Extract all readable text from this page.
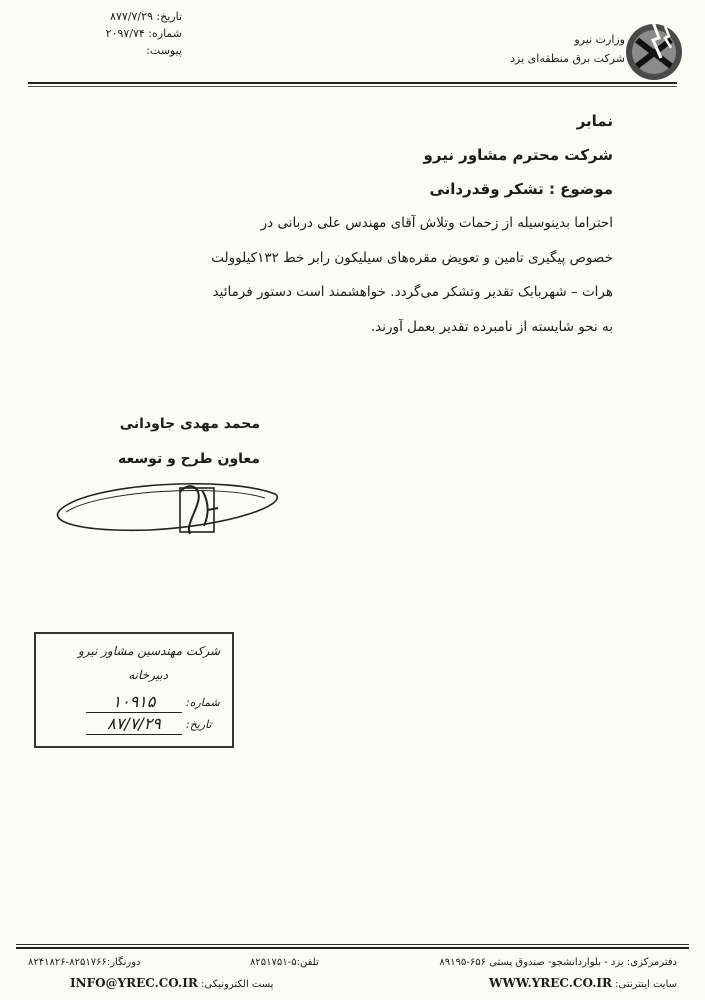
تاریخ: ۸۷۷/۷/۲۹
شماره: ۲۰۹۷/۷۴
پیوست:
وزارت نیرو
شرکت برق منطقه‌ای یزد
نمابر
شرکت محترم مشاور نیرو
موضوع : تشکر وقدردانی

احتراما بدینوسیله از زحمات وتلاش آقای مهندس علی دربانی در

خصوص پیگیری تامین و تعویض مقره‌های سیلیکون رابر خط ۱۳۲کیلوولت

هرات – شهربابک تقدیر وتشکر می‌گردد. خواهشمند است دستور فرمائید

به نحو شایسته از نامبرده تقدیر بعمل آورند.

محمد مهدی جاودانی
معاون طرح و توسعه
شرکت مهندسین مشاور نیرو
دبیرخانه
شماره:
۱۰۹۱۵
تاریخ:
۸۷/۷/۲۹
دفترمرکزی: یزد - بلواردانشجو- صندوق پستی ۶۵۶-۸۹۱۹۵
تلفن:۵-۸۲۵۱۷۵۱
دورنگار:۸۲۵۱۷۶۶-۸۲۴۱۸۲۶
سایت اینترنتی: WWW.YREC.CO.IR
پست الکترونیکی: INFO@YREC.CO.IR
